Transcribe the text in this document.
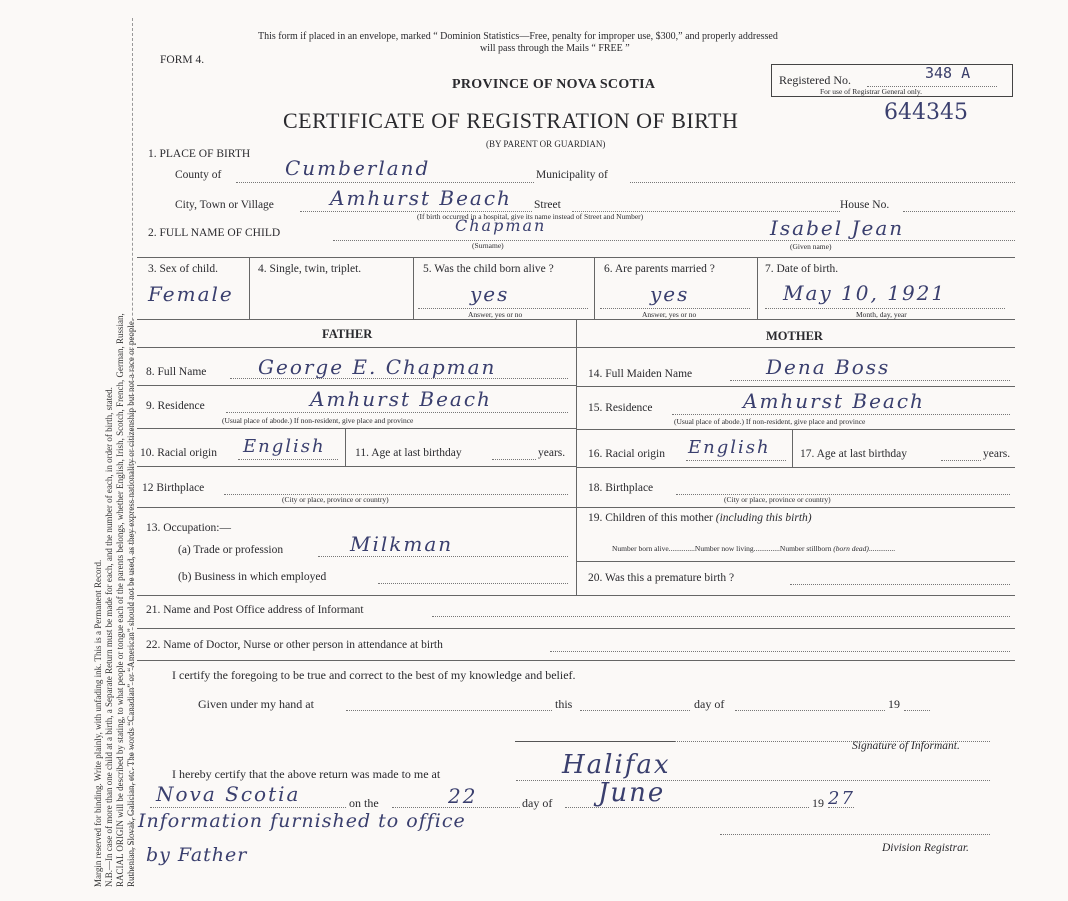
Margin reserved for binding. Write plainly, with unfading ink. This is a Permanent Record. N.B.—In case of more than one child at a birth, a Separate Return must be made for each, and the number of each, in order of birth, stated. RACIAL ORIGIN will be described by stating, to what people or tongue each of the parents belongs, whether English, Irish, Scotch, French, German, Russian, Ruthenian, Slovak, Galician, etc. The words “Canadian” or “American” should not be used, as they express nationality or citizenship but not a race or people.
This form if placed in an envelope, marked “ Dominion Statistics—Free, penalty for improper use, $300,” and properly addressed
will pass through the Mails “ FREE ”
FORM 4.
PROVINCE OF NOVA SCOTIA
CERTIFICATE OF REGISTRATION OF BIRTH
(BY PARENT OR GUARDIAN)
Registered No.	348 A
For use of Registrar General only.
644345
1. PLACE OF BIRTH
County of	Cumberland	Municipality of
City, Town or Village	Amhurst Beach Street	House No.
(If birth occurred in a hospital, give its name instead of Street and Number)
2. FULL NAME OF CHILD	Chapman
(Surname)
Isabel Jean
(Given name)
3. Sex of child.
Female
4. Single, twin, triplet.	5. Was the child born alive ?
yes
Answer, yes or no
6. Are parents married ?
yes
Answer, yes or no
7. Date of birth.
May 10, 1921
Month, day, year
FATHER	MOTHER
8. Full Name	George E. Chapman
9. Residence	Amhurst Beach
(Usual place of abode.) If non-resident, give place and province
10. Racial origin English	11. Age at last birthday	years.
12 Birthplace
(City or place, province or country)
13. Occupation:—
(a) Trade or profession	Milkman
(b) Business in which employed
14. Full Maiden Name	Dena Boss
15. Residence	Amhurst Beach
(Usual place of abode.) If non-resident, give place and province
16. Racial origin English	17. Age at last birthday	years.
18. Birthplace
(City or place, province or country)
19. Children of this mother (including this birth)
Number born alive..............Number now living..............Number stillborn (born dead)..............
20. Was this a premature birth ?
21. Name and Post Office address of Informant
22. Name of Doctor, Nurse or other person in attendance at birth
I certify the foregoing to be true and correct to the best of my knowledge and belief.
Given under my hand at	this	day of	19
Signature of Informant.
I hereby certify that the above return was made to me at	Halifax
Nova Scotia	on the	22	day of June	19 27
Information furnished to office
by Father	Division Registrar.
